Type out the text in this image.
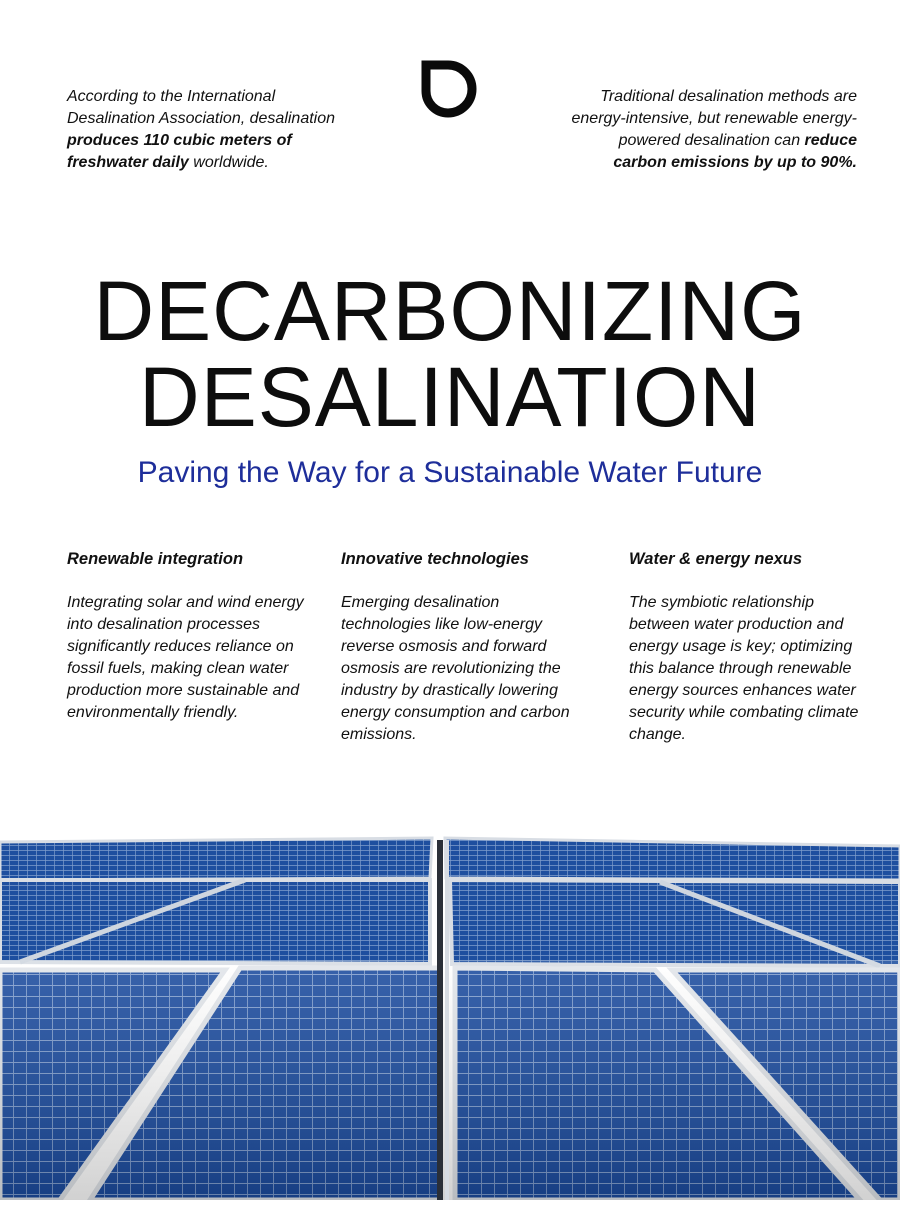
According to the International Desalination Association, desalination produces 110 cubic meters of freshwater daily worldwide.

Traditional desalination methods are energy-intensive, but renewable energy-powered desalination can reduce carbon emissions by up to 90%.

DECARBONIZING
DESALINATION
Paving the Way for a Sustainable Water Future
Renewable integration

Integrating solar and wind energy into desalination processes significantly reduces reliance on fossil fuels, making clean water production more sustainable and environmentally friendly.

Innovative technologies

Emerging desalination technologies like low-energy reverse osmosis and forward osmosis are revolutionizing the industry by drastically lowering energy consumption and carbon emissions.

Water & energy nexus

The symbiotic relationship between water production and energy usage is key; optimizing this balance through renewable energy sources enhances water security while combating climate change.
